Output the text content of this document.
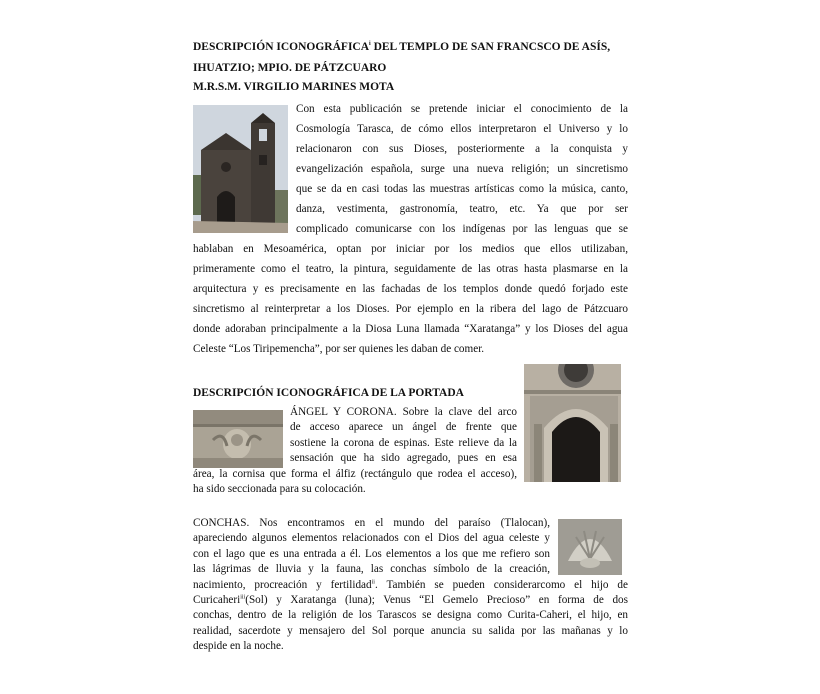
DESCRIPCIÓN ICONOGRÁFICA$^i$ DEL TEMPLO DE SAN FRANCSCO DE ASÍS,
IHUATZIO; MPIO. DE PÁTZCUARO
M.R.S.M. VIRGILIO MARINES MOTA
Con esta publicación se pretende iniciar el conocimiento de la
Cosmología Tarasca, de cómo ellos interpretaron el Universo y lo
relacionaron con sus Dioses, posteriormente a la conquista y
evangelización española, surge una nueva religión; un sincretismo
que se da en casi todas las muestras artísticas como la música, canto,
danza, vestimenta, gastronomía, teatro, etc. Ya que por ser
complicado comunicarse con los indígenas por las lenguas que se
hablaban en Mesoamérica, optan por iniciar por los medios que ellos utilizaban,
primeramente como el teatro, la pintura, seguidamente de las otras hasta plasmarse en la
arquitectura y es precisamente en las fachadas de los templos donde quedó forjado este
sincretismo al reinterpretar a los Dioses. Por ejemplo en la ribera del lago de Pátzcuaro
donde adoraban principalmente a la Diosa Luna llamada “Xaratanga” y los Dioses del agua
Celeste “Los Tiripemencha”, por ser quienes les daban de comer.
DESCRIPCIÓN ICONOGRÁFICA DE LA PORTADA
ÁNGEL Y CORONA. Sobre la clave del arco
de acceso aparece un ángel de frente que
sostiene la corona de espinas. Este relieve da la
sensación que ha sido agregado, pues en esa
área, la cornisa que forma el álfiz (rectángulo que rodea el acceso),
ha sido seccionada para su colocación.
CONCHAS. Nos encontramos en el mundo del paraíso (Tlalocan),
apareciendo algunos elementos relacionados con el Dios del agua celeste y
con el lago que es una entrada a él. Los elementos a los que me refiero son
las lágrimas de lluvia y la fauna, las conchas símbolo de la creación,
nacimiento, procreación y fertilidad$^{ii}$. También se pueden considerarcomo el hijo de
Curicaheri$^{iii}$(Sol) y Xaratanga (luna); Venus “El Gemelo Precioso” en forma de dos
conchas, dentro de la religión de los Tarascos se designa como Curita-Caheri, el hijo, en
realidad, sacerdote y mensajero del Sol porque anuncia su salida por las mañanas y lo
despide en la noche.
